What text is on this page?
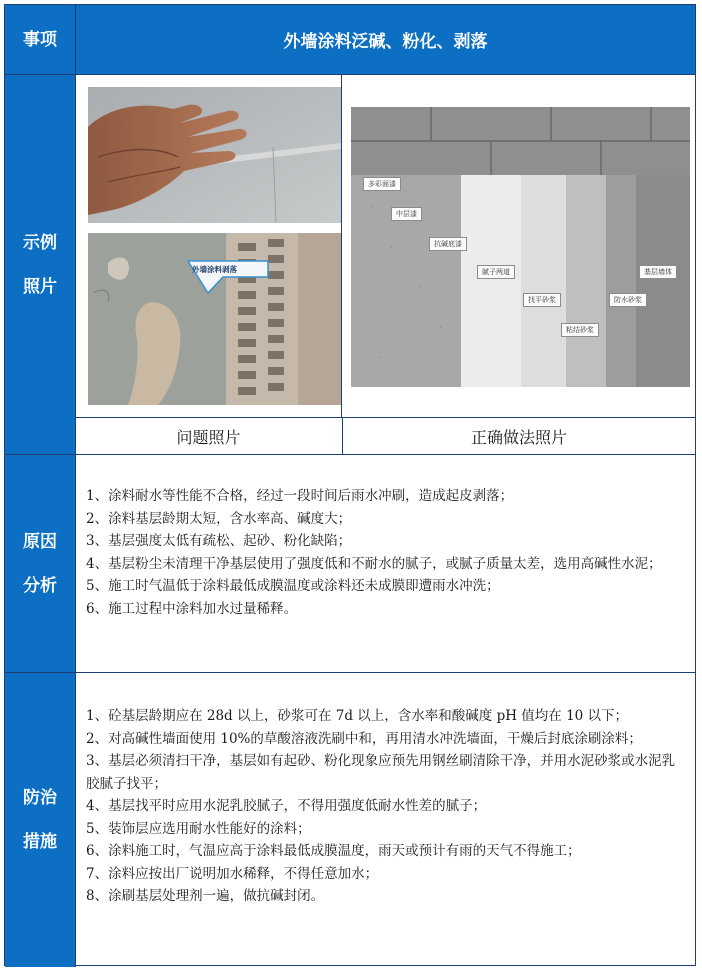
事项	外墙涂料泛碱、粉化、剥落
示例
照片
外墙涂料剥落
多彩面漆
中层漆
抗碱底漆
腻子两道
找平砂浆
粘结砂浆
防水砂浆
基层墙体
问题照片	正确做法照片
原因
分析
1、涂料耐水等性能不合格，经过一段时间后雨水冲刷，造成起皮剥落；
2、涂料基层龄期太短，含水率高、碱度大；
3、基层强度太低有疏松、起砂、粉化缺陷；
4、基层粉尘未清理干净基层使用了强度低和不耐水的腻子，或腻子质量太差，选用高碱性水泥；
5、施工时气温低于涂料最低成膜温度或涂料还未成膜即遭雨水冲洗；
6、施工过程中涂料加水过量稀释。
防治
措施
1、砼基层龄期应在 28d 以上，砂浆可在 7d 以上，含水率和酸碱度 pH 值均在 10 以下；
2、对高碱性墙面使用 10%的草酸溶液洗刷中和，再用清水冲洗墙面，干燥后封底涂刷涂料；
3、基层必须清扫干净，基层如有起砂、粉化现象应预先用钢丝刷清除干净，并用水泥砂浆或水泥乳胶腻子找平；
4、基层找平时应用水泥乳胶腻子，不得用强度低耐水性差的腻子；
5、装饰层应选用耐水性能好的涂料；
6、涂料施工时，气温应高于涂料最低成膜温度，雨天或预计有雨的天气不得施工；
7、涂料应按出厂说明加水稀释，不得任意加水；
8、涂刷基层处理剂一遍，做抗碱封闭。
